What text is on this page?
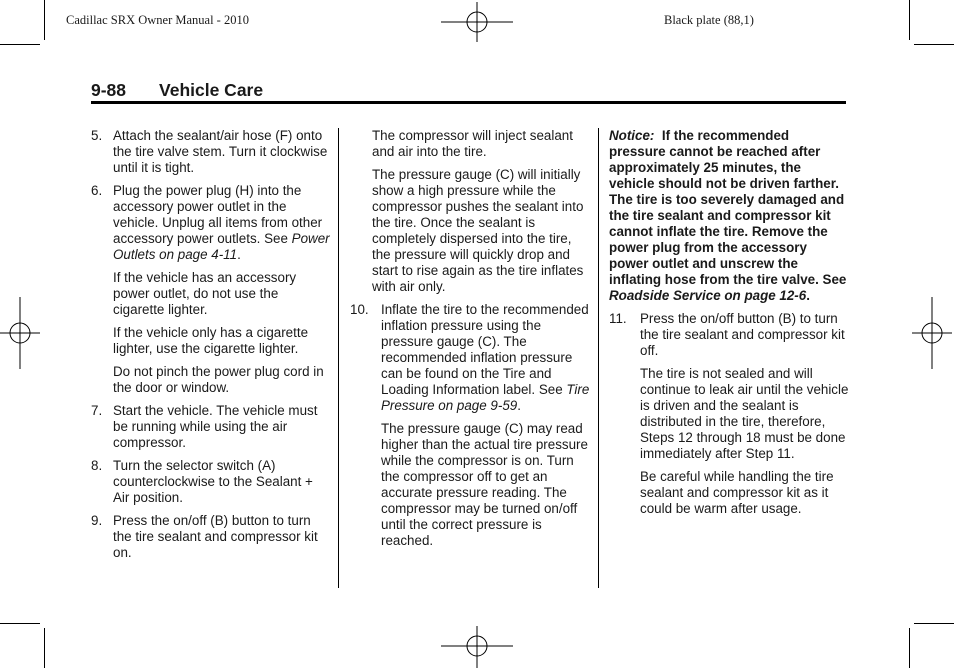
Cadillac SRX Owner Manual - 2010	Black plate (88,1)
9-88 Vehicle Care
5. Attach the sealant/air hose (F) onto the tire valve stem. Turn it clockwise until it is tight.
6. Plug the power plug (H) into the accessory power outlet in the vehicle. Unplug all items from other accessory power outlets. See Power Outlets on page 4‑11.
If the vehicle has an accessory power outlet, do not use the cigarette lighter.
If the vehicle only has a cigarette lighter, use the cigarette lighter.
Do not pinch the power plug cord in the door or window.
7. Start the vehicle. The vehicle must be running while using the air compressor.
8. Turn the selector switch (A) counterclockwise to the Sealant + Air position.
9. Press the on/off (B) button to turn the tire sealant and compressor kit on.
The compressor will inject sealant and air into the tire.
The pressure gauge (C) will initially show a high pressure while the compressor pushes the sealant into the tire. Once the sealant is completely dispersed into the tire, the pressure will quickly drop and start to rise again as the tire inflates with air only.
10. Inflate the tire to the recommended inflation pressure using the pressure gauge (C). The recommended inflation pressure can be found on the Tire and Loading Information label. See Tire Pressure on page 9‑59.
The pressure gauge (C) may read higher than the actual tire pressure while the compressor is on. Turn the compressor off to get an accurate pressure reading. The compressor may be turned on/off until the correct pressure is reached.
Notice: If the recommended pressure cannot be reached after approximately 25 minutes, the vehicle should not be driven farther. The tire is too severely damaged and the tire sealant and compressor kit cannot inflate the tire. Remove the power plug from the accessory power outlet and unscrew the inflating hose from the tire valve. See Roadside Service on page 12‑6.
11. Press the on/off button (B) to turn the tire sealant and compressor kit off.
The tire is not sealed and will continue to leak air until the vehicle is driven and the sealant is distributed in the tire, therefore, Steps 12 through 18 must be done immediately after Step 11.
Be careful while handling the tire sealant and compressor kit as it could be warm after usage.
